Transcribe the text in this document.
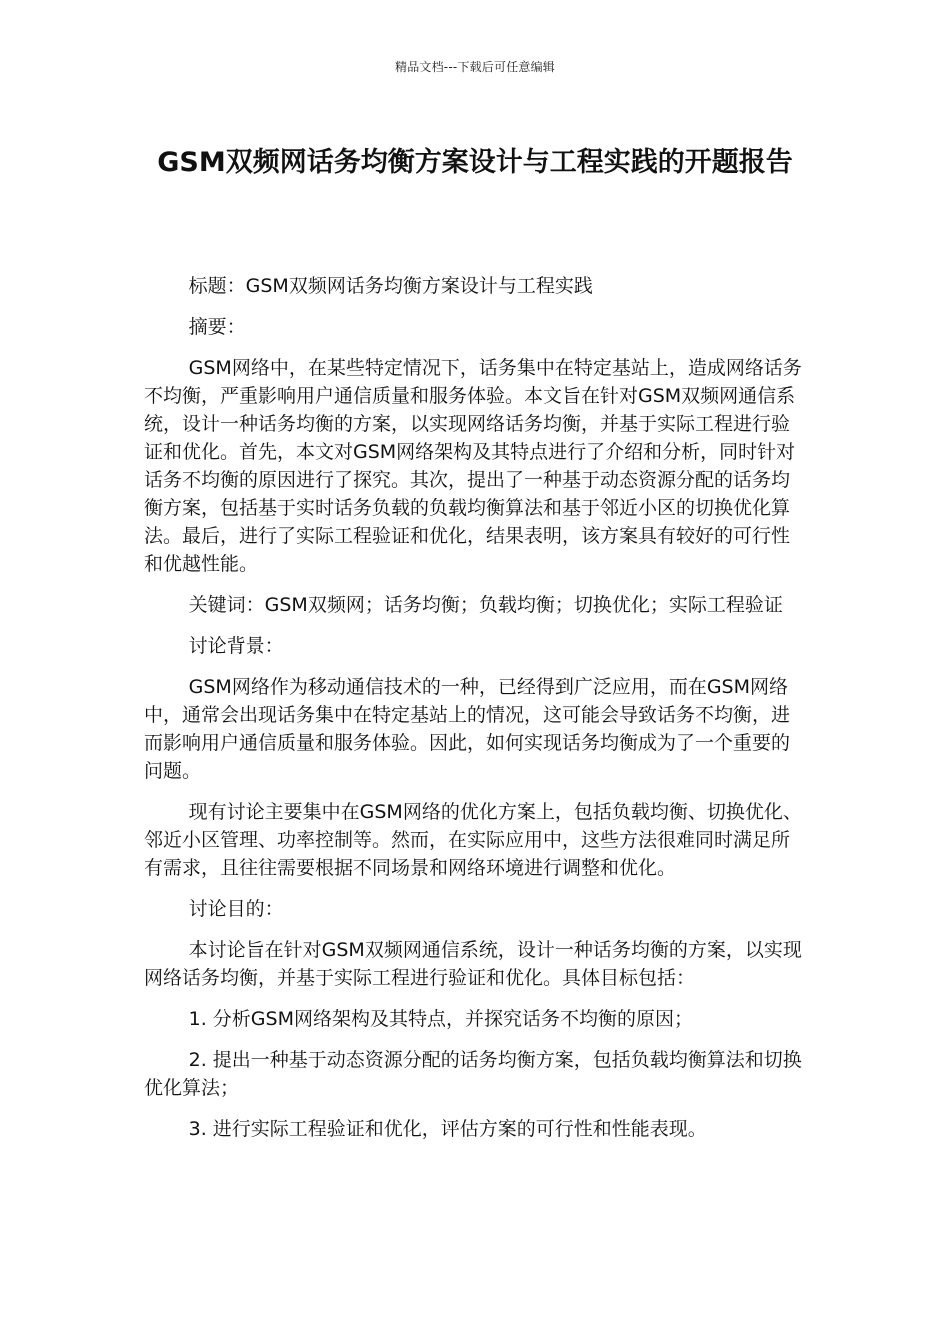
精品文档---下载后可任意编辑
GSM双频网话务均衡方案设计与工程实践的开题报告

标题：GSM双频网话务均衡方案设计与工程实践

摘要：

GSM网络中，在某些特定情况下，话务集中在特定基站上，造成网络话务不均衡，严重影响用户通信质量和服务体验。本文旨在针对GSM双频网通信系统，设计一种话务均衡的方案，以实现网络话务均衡，并基于实际工程进行验证和优化。首先，本文对GSM网络架构及其特点进行了介绍和分析，同时针对话务不均衡的原因进行了探究。其次，提出了一种基于动态资源分配的话务均衡方案，包括基于实时话务负载的负载均衡算法和基于邻近小区的切换优化算法。最后，进行了实际工程验证和优化，结果表明，该方案具有较好的可行性和优越性能。

关键词：GSM双频网；话务均衡；负载均衡；切换优化；实际工程验证

讨论背景：

GSM网络作为移动通信技术的一种，已经得到广泛应用，而在GSM网络中，通常会出现话务集中在特定基站上的情况，这可能会导致话务不均衡，进而影响用户通信质量和服务体验。因此，如何实现话务均衡成为了一个重要的问题。

现有讨论主要集中在GSM网络的优化方案上，包括负载均衡、切换优化、邻近小区管理、功率控制等。然而，在实际应用中，这些方法很难同时满足所有需求，且往往需要根据不同场景和网络环境进行调整和优化。

讨论目的：

本讨论旨在针对GSM双频网通信系统，设计一种话务均衡的方案，以实现网络话务均衡，并基于实际工程进行验证和优化。具体目标包括：

1. 分析GSM网络架构及其特点，并探究话务不均衡的原因；

2. 提出一种基于动态资源分配的话务均衡方案，包括负载均衡算法和切换优化算法；

3. 进行实际工程验证和优化，评估方案的可行性和性能表现。
